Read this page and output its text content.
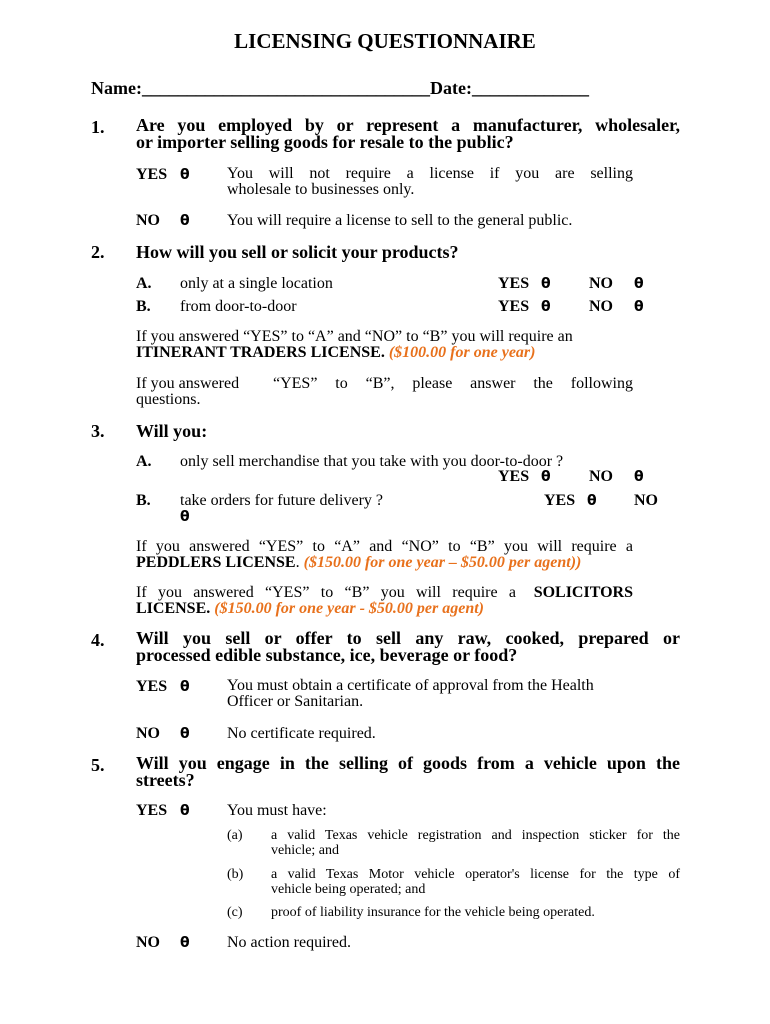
LICENSING QUESTIONNAIRE
Name:________________________________Date:_____________
1. Are you employed by or represent a manufacturer, wholesaler,
or importer selling goods for resale to the public?
YES θ You will not require a license if you are selling
wholesale to businesses only.
NO θ You will require a license to sell to the general public.
2. How will you sell or solicit your products?
A. only at a single location	YES θ NO θ
B. from door-to-door	YES θ NO θ
If you answered “YES” to “A” and “NO” to “B” you will require an
ITINERANT TRADERS LICENSE. ($100.00 for one year)
If you answered “YES” to “B”, please answer the following
questions.
3. Will you:
A. only sell merchandise that you take with you door-to-door ?
YES θ NO θ
B. take orders for future delivery ?	YES θ NO
θ
If you answered “YES” to “A” and “NO” to “B” you will require a
PEDDLERS LICENSE. ($150.00 for one year – $50.00 per agent))
If you answered “YES” to “B” you will require a SOLICITORS
LICENSE. ($150.00 for one year - $50.00 per agent)
4. Will you sell or offer to sell any raw, cooked, prepared or
processed edible substance, ice, beverage or food?
YES θ You must obtain a certificate of approval from the Health
Officer or Sanitarian.
NO θ No certificate required.
5. Will you engage in the selling of goods from a vehicle upon the
streets?
YES θ You must have:
(a) a valid Texas vehicle registration and inspection sticker for the
vehicle; and
(b) a valid Texas Motor vehicle operator's license for the type of
vehicle being operated; and
(c) proof of liability insurance for the vehicle being operated.
NO θ No action required.
